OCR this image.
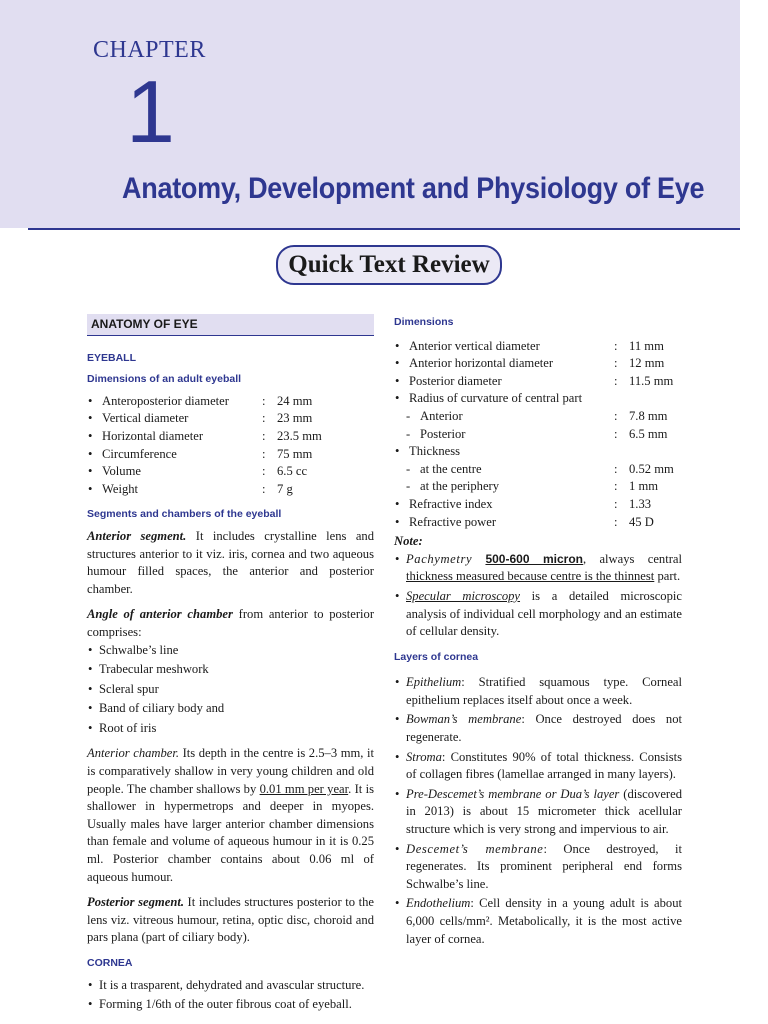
CHAPTER
1
Anatomy, Development and Physiology of Eye
Quick Text Review
ANATOMY OF EYE
EYEBALL
Dimensions of an adult eyeball
• Anteroposterior diameter	: 24 mm
• Vertical diameter	: 23 mm
• Horizontal diameter	: 23.5 mm
• Circumference	: 75 mm
• Volume	: 6.5 cc
• Weight	: 7 g
Segments and chambers of the eyeball

Anterior segment. It includes crystalline lens and structures anterior to it viz. iris, cornea and two aqueous humour filled spaces, the anterior and posterior chamber.

Angle of anterior chamber from anterior to posterior comprises:

• Schwalbe’s line
• Trabecular meshwork
• Scleral spur
• Band of ciliary body and
• Root of iris

Anterior chamber. Its depth in the centre is 2.5–3 mm, it is comparatively shallow in very young children and old people. The chamber shallows by 0.01 mm per year. It is shallower in hypermetrops and deeper in myopes. Usually males have larger anterior chamber dimensions than female and volume of aqueous humour in it is 0.25 ml. Posterior chamber contains about 0.06 ml of aqueous humour.

Posterior segment. It includes structures posterior to the lens viz. vitreous humour, retina, optic disc, choroid and pars plana (part of ciliary body).

CORNEA
• It is a trasparent, dehydrated and avascular structure.
• Forming 1/6th of the outer fibrous coat of eyeball.
Dimensions
• Anterior vertical diameter	: 11 mm
• Anterior horizontal diameter	: 12 mm
• Posterior diameter	: 11.5 mm
• Radius of curvature of central part
- Anterior	: 7.8 mm
- Posterior	: 6.5 mm
• Thickness
- at the centre	: 0.52 mm
- at the periphery	: 1 mm
• Refractive index	: 1.33
• Refractive power	: 45 D
Note:
• Pachymetry 500-600 micron, always central thickness measured because centre is the thinnest part.
• Specular microscopy is a detailed microscopic analysis of individual cell morphology and an estimate of cellular density.
Layers of cornea
• Epithelium: Stratified squamous type. Corneal epithelium replaces itself about once a week.
• Bowman’s membrane: Once destroyed does not regenerate.
• Stroma: Constitutes 90% of total thickness. Consists of collagen fibres (lamellae arranged in many layers).
• Pre-Descemet’s membrane or Dua’s layer (discovered in 2013) is about 15 micrometer thick acellular structure which is very strong and impervious to air.
• Descemet’s membrane: Once destroyed, it regenerates. Its prominent peripheral end forms Schwalbe’s line.
• Endothelium: Cell density in a young adult is about 6,000 cells/mm². Metabolically, it is the most active layer of cornea.
